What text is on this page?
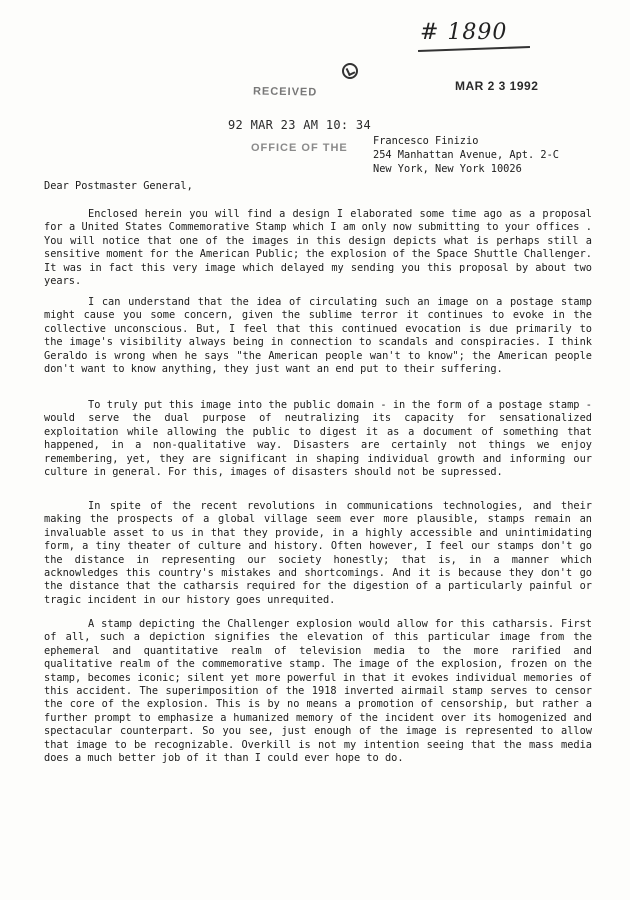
# 1890
MAR 2 3 1992
RECEIVED
92 MAR 23 AM 10: 34
OFFICE OF THE
Francesco Finizio
254 Manhattan Avenue, Apt. 2-C
New York, New York 10026
Dear Postmaster General,

Enclosed herein you will find a design I elaborated some time ago as a proposal for a United States Commemorative Stamp which I am only now submitting to your offices . You will notice that one of the images in this design depicts what is perhaps still a sensitive moment for the American Public; the explosion of the Space Shuttle Challenger. It was in fact this very image which delayed my sending you this proposal by about two years.

I can understand that the idea of circulating such an image on a postage stamp might cause you some concern, given the sublime terror it continues to evoke in the collective unconscious. But, I feel that this continued evocation is due primarily to the image's visibility always being in connection to scandals and conspiracies. I think Geraldo is wrong when he says "the American people wan't to know"; the American people don't want to know anything, they just want an end put to their suffering.

To truly put this image into the public domain - in the form of a postage stamp - would serve the dual purpose of neutralizing its capacity for sensationalized exploitation while allowing the public to digest it as a document of something that happened, in a non-qualitative way. Disasters are certainly not things we enjoy remembering, yet, they are significant in shaping individual growth and informing our culture in general. For this, images of disasters should not be supressed.

In spite of the recent revolutions in communications technologies, and their making the prospects of a global village seem ever more plausible, stamps remain an invaluable asset to us in that they provide, in a highly accessible and unintimidating form, a tiny theater of culture and history. Often however, I feel our stamps don't go the distance in representing our society honestly; that is, in a manner which acknowledges this country's mistakes and shortcomings. And it is because they don't go the distance that the catharsis required for the digestion of a particularly painful or tragic incident in our history goes unrequited.

A stamp depicting the Challenger explosion would allow for this catharsis. First of all, such a depiction signifies the elevation of this particular image from the ephemeral and quantitative realm of television media to the more rarified and qualitative realm of the commemorative stamp. The image of the explosion, frozen on the stamp, becomes iconic; silent yet more powerful in that it evokes individual memories of this accident. The superimposition of the 1918 inverted airmail stamp serves to censor the core of the explosion. This is by no means a promotion of censorship, but rather a further prompt to emphasize a humanized memory of the incident over its homogenized and spectacular counterpart. So you see, just enough of the image is represented to allow that image to be recognizable. Overkill is not my intention seeing that the mass media does a much better job of it than I could ever hope to do.
